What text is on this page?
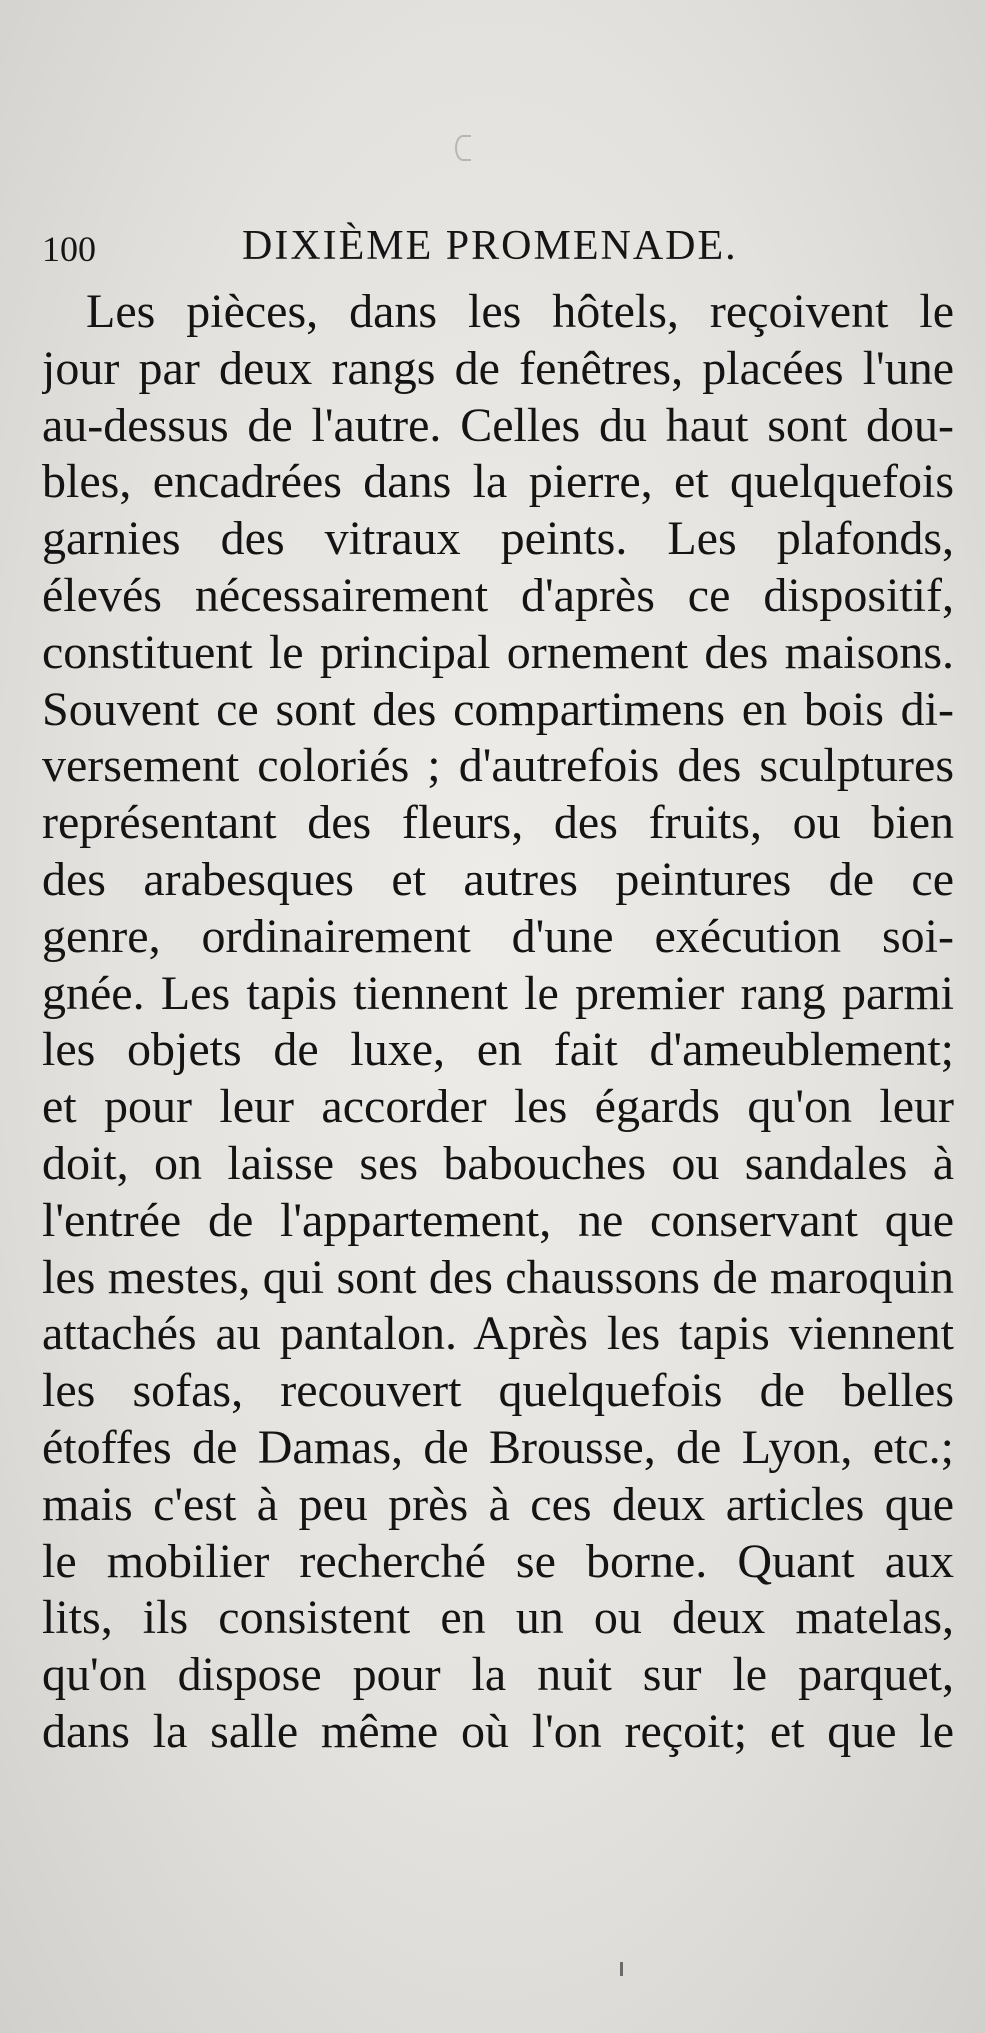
100	DIXIÈME PROMENADE.
Les pièces, dans les hôtels, reçoivent le
jour par deux rangs de fenêtres, placées l'une
au-dessus de l'autre. Celles du haut sont dou-
bles, encadrées dans la pierre, et quelquefois
garnies des vitraux peints. Les plafonds,
élevés nécessairement d'après ce dispositif,
constituent le principal ornement des maisons.
Souvent ce sont des compartimens en bois di-
versement coloriés ; d'autrefois des sculptures
représentant des fleurs, des fruits, ou bien
des arabesques et autres peintures de ce
genre, ordinairement d'une exécution soi-
gnée. Les tapis tiennent le premier rang parmi
les objets de luxe, en fait d'ameublement;
et pour leur accorder les égards qu'on leur
doit, on laisse ses babouches ou sandales à
l'entrée de l'appartement, ne conservant que
les mestes, qui sont des chaussons de maroquin
attachés au pantalon. Après les tapis viennent
les sofas, recouvert quelquefois de belles
étoffes de Damas, de Brousse, de Lyon, etc.;
mais c'est à peu près à ces deux articles que
le mobilier recherché se borne. Quant aux
lits, ils consistent en un ou deux matelas,
qu'on dispose pour la nuit sur le parquet,
dans la salle même où l'on reçoit; et que le
